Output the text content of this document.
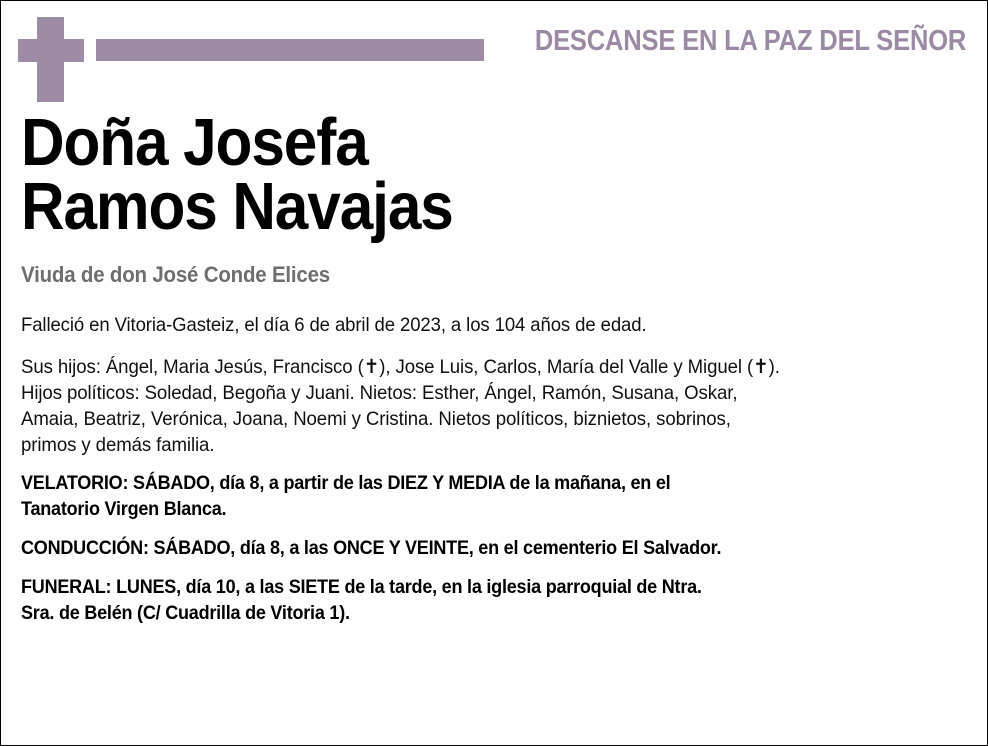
DESCANSE EN LA PAZ DEL SEÑOR
Doña Josefa
Ramos Navajas
Viuda de don José Conde Elices
Falleció en Vitoria-Gasteiz, el día 6 de abril de 2023, a los 104 años de edad.
Sus hijos: Ángel, Maria Jesús, Francisco (✝), Jose Luis, Carlos, María del Valle y Miguel (✝).
Hijos políticos: Soledad, Begoña y Juani. Nietos: Esther, Ángel, Ramón, Susana, Oskar,
Amaia, Beatriz, Verónica, Joana, Noemi y Cristina. Nietos políticos, biznietos, sobrinos,
primos y demás familia.
VELATORIO: SÁBADO, día 8, a partir de las DIEZ Y MEDIA de la mañana, en el
Tanatorio Virgen Blanca.
CONDUCCIÓN: SÁBADO, día 8, a las ONCE Y VEINTE, en el cementerio El Salvador.
FUNERAL: LUNES, día 10, a las SIETE de la tarde, en la iglesia parroquial de Ntra.
Sra. de Belén (C/ Cuadrilla de Vitoria 1).
